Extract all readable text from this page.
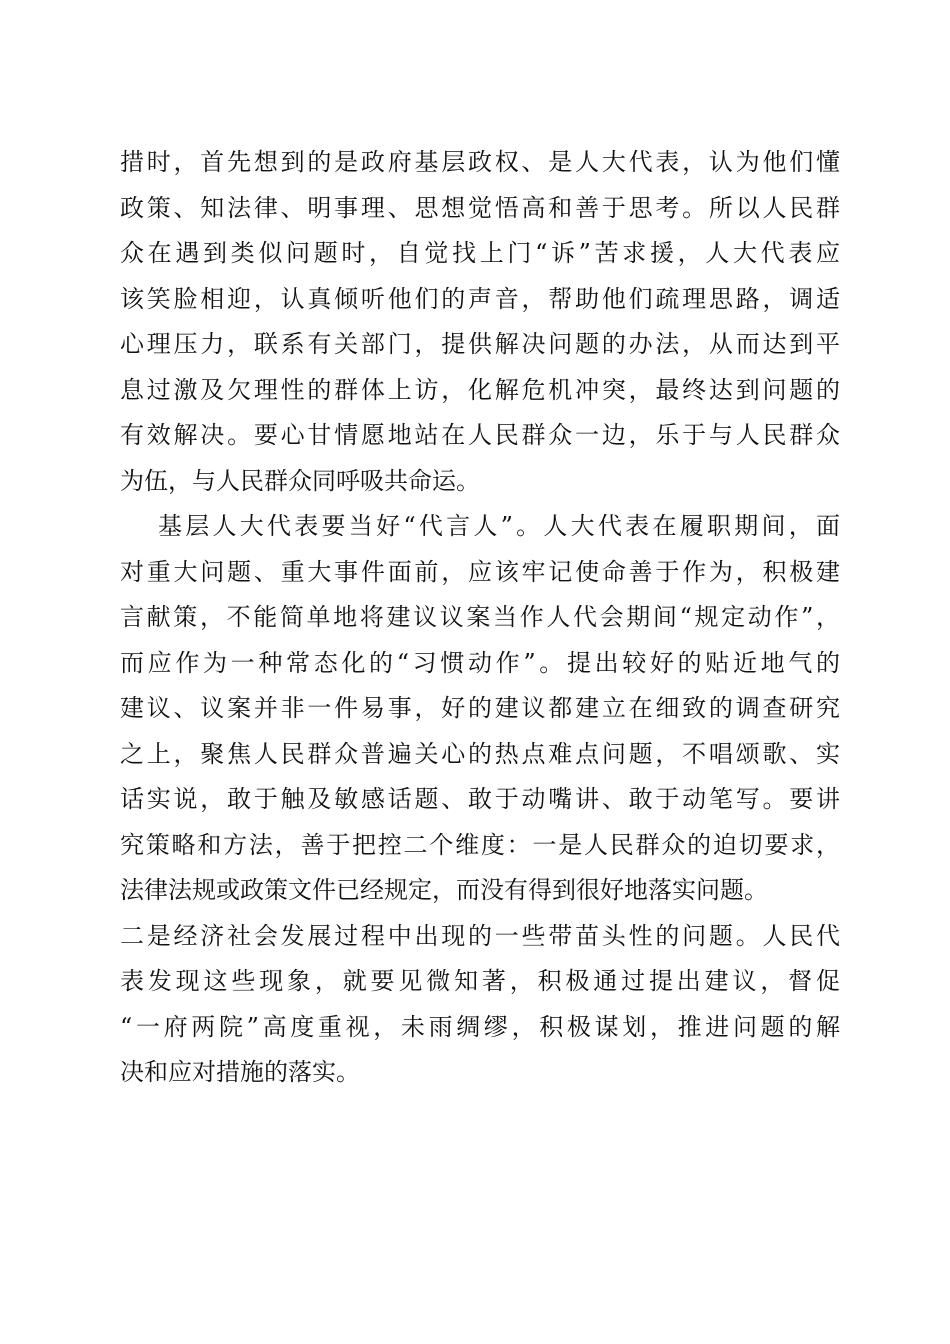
措时，首先想到的是政府基层政权、是人大代表，认为他们懂
政策、知法律、明事理、思想觉悟高和善于思考。所以人民群
众在遇到类似问题时，自觉找上门“诉”苦求援，人大代表应
该笑脸相迎，认真倾听他们的声音，帮助他们疏理思路，调适
心理压力，联系有关部门，提供解决问题的办法，从而达到平
息过激及欠理性的群体上访，化解危机冲突，最终达到问题的
有效解决。要心甘情愿地站在人民群众一边，乐于与人民群众
为伍，与人民群众同呼吸共命运。
基层人大代表要当好“代言人”。人大代表在履职期间，面
对重大问题、重大事件面前，应该牢记使命善于作为，积极建
言献策，不能简单地将建议议案当作人代会期间“规定动作”，
而应作为一种常态化的“习惯动作”。提出较好的贴近地气的
建议、议案并非一件易事，好的建议都建立在细致的调查研究
之上，聚焦人民群众普遍关心的热点难点问题，不唱颂歌、实
话实说，敢于触及敏感话题、敢于动嘴讲、敢于动笔写。要讲
究策略和方法，善于把控二个维度：一是人民群众的迫切要求，
法律法规或政策文件已经规定，而没有得到很好地落实问题。
二是经济社会发展过程中出现的一些带苗头性的问题。人民代
表发现这些现象，就要见微知著，积极通过提出建议，督促
“一府两院”高度重视，未雨绸缪，积极谋划，推进问题的解
决和应对措施的落实。
